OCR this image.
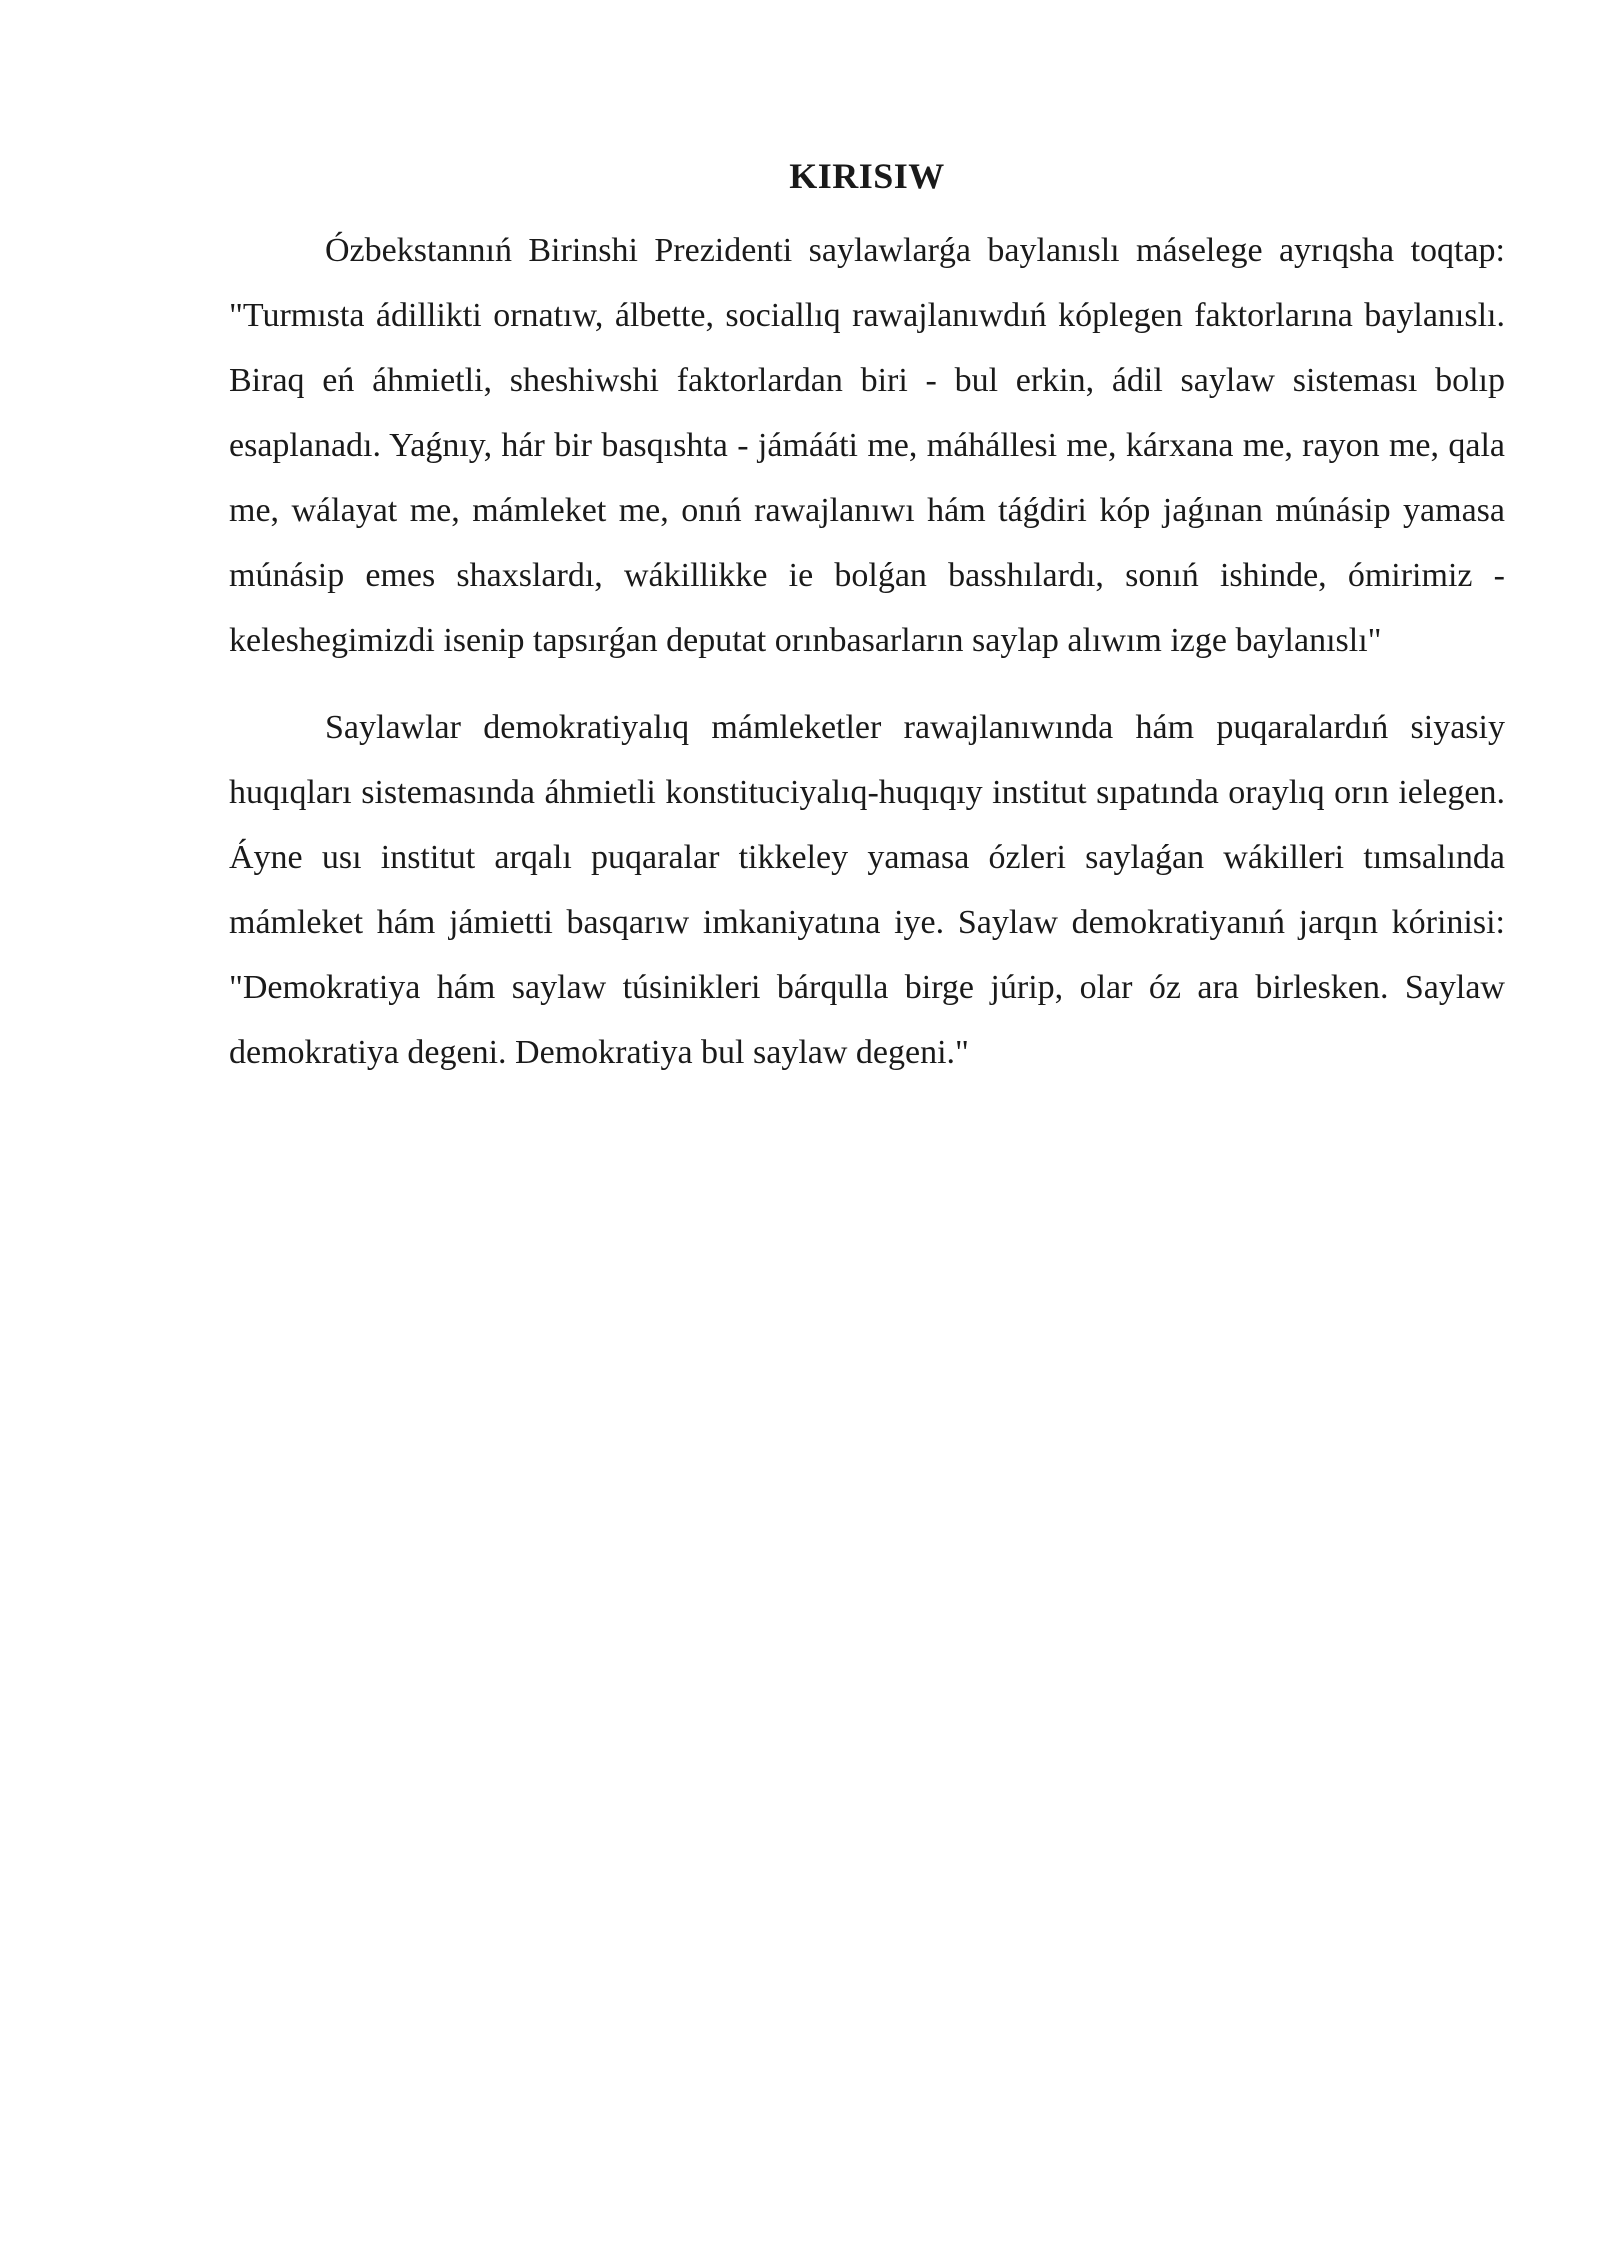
KIRISIW

Ózbekstannıń Birinshi Prezidenti saylawlarǵa baylanıslı máselege ayrıqsha toqtap: "Turmısta ádillikti ornatıw, álbette, sociallıq rawajlanıwdıń kóplegen faktorlarına baylanıslı. Biraq eń áhmietli, sheshiwshi faktorlardan biri - bul erkin, ádil saylaw sisteması bolıp esaplanadı. Yaǵnıy, hár bir basqıshta - jámááti me, máhállesi me, kárxana me, rayon me, qala me, wálayat me, mámleket me, onıń rawajlanıwı hám táǵdiri kóp jaǵınan múnásip yamasa múnásip emes shaxslardı, wákillikke ie bolǵan basshılardı, sonıń ishinde, ómirimiz - keleshegimizdi isenip tapsırǵan deputat orınbasarların saylap alıwım izge baylanıslı"

Saylawlar demokratiyalıq mámleketler rawajlanıwında hám puqaralardıń siyasiy huqıqları sistemasında áhmietli konstituciyalıq-huqıqıy institut sıpatında oraylıq orın ielegen. Áyne usı institut arqalı puqaralar tikkeley yamasa ózleri saylaǵan wákilleri tımsalında mámleket hám jámietti basqarıw imkaniyatına iye. Saylaw demokratiyanıń jarqın kórinisi: "Demokratiya hám saylaw túsinikleri bárqulla birge júrip, olar óz ara birlesken. Saylaw demokratiya degeni. Demokratiya bul saylaw degeni."
